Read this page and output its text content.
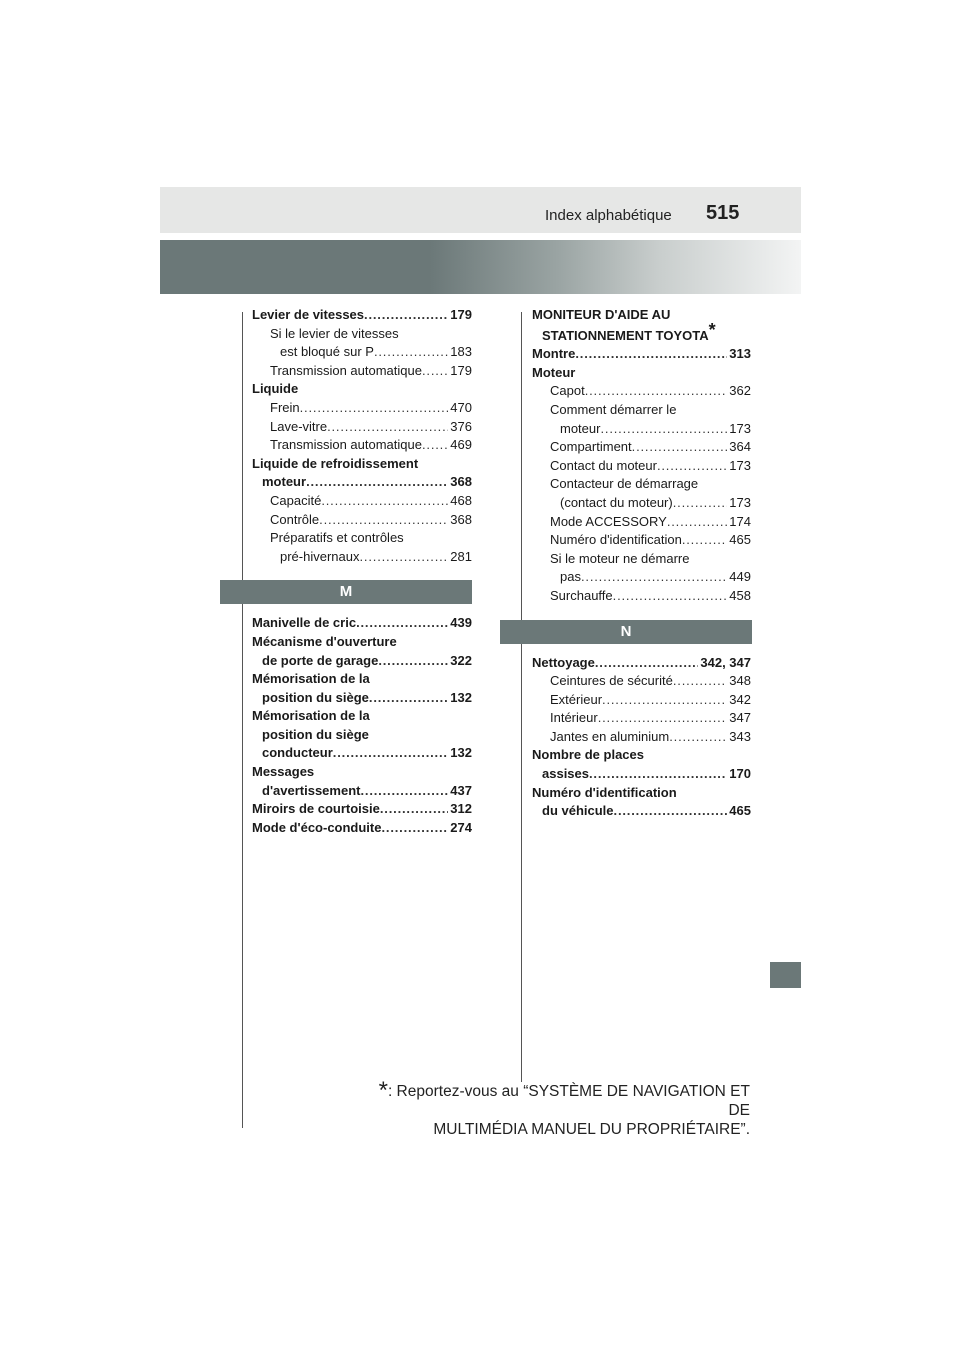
Index alphabétique 515
Levier de vitesses . . .	179
Si le levier de vitesses
est bloqué sur P . . .	183
Transmission automatique . . . 179
Liquide
Frein . . .	470
Lave-vitre . . .	376
Transmission automatique . . . 469
Liquide de refroidissement
moteur . . .	368
Capacité . . .	468
Contrôle . . .	368
Préparatifs et contrôles
pré-hivernaux . . .	281
M
Manivelle de cric . . .	439
Mécanisme d'ouverture
de porte de garage . . .	322
Mémorisation de la
position du siège . . .	132
Mémorisation de la
position du siège
conducteur . . .	132
Messages
d'avertissement . . .	437
Miroirs de courtoisie . . .	312
Mode d'éco-conduite . . .	274
MONITEUR D'AIDE AU
STATIONNEMENT TOYOTA*
Montre . . .	313
Moteur
Capot . . .	362
Comment démarrer le
moteur . . .	173
Compartiment . . .	364
Contact du moteur . . .	173
Contacteur de démarrage
(contact du moteur) . . .	173
Mode ACCESSORY . . .	174
Numéro d'identification . . .	465
Si le moteur ne démarre
pas . . .	449
Surchauffe . . .	458
N
Nettoyage . . .	342, 347
Ceintures de sécurité . . .	348
Extérieur . . .	342
Intérieur . . .	347
Jantes en aluminium . . .	343
Nombre de places
assises . . .	170
Numéro d'identification
du véhicule . . .	465
*: Reportez-vous au “SYSTÈME DE NAVIGATION ET DE
MULTIMÉDIA MANUEL DU PROPRIÉTAIRE”.
